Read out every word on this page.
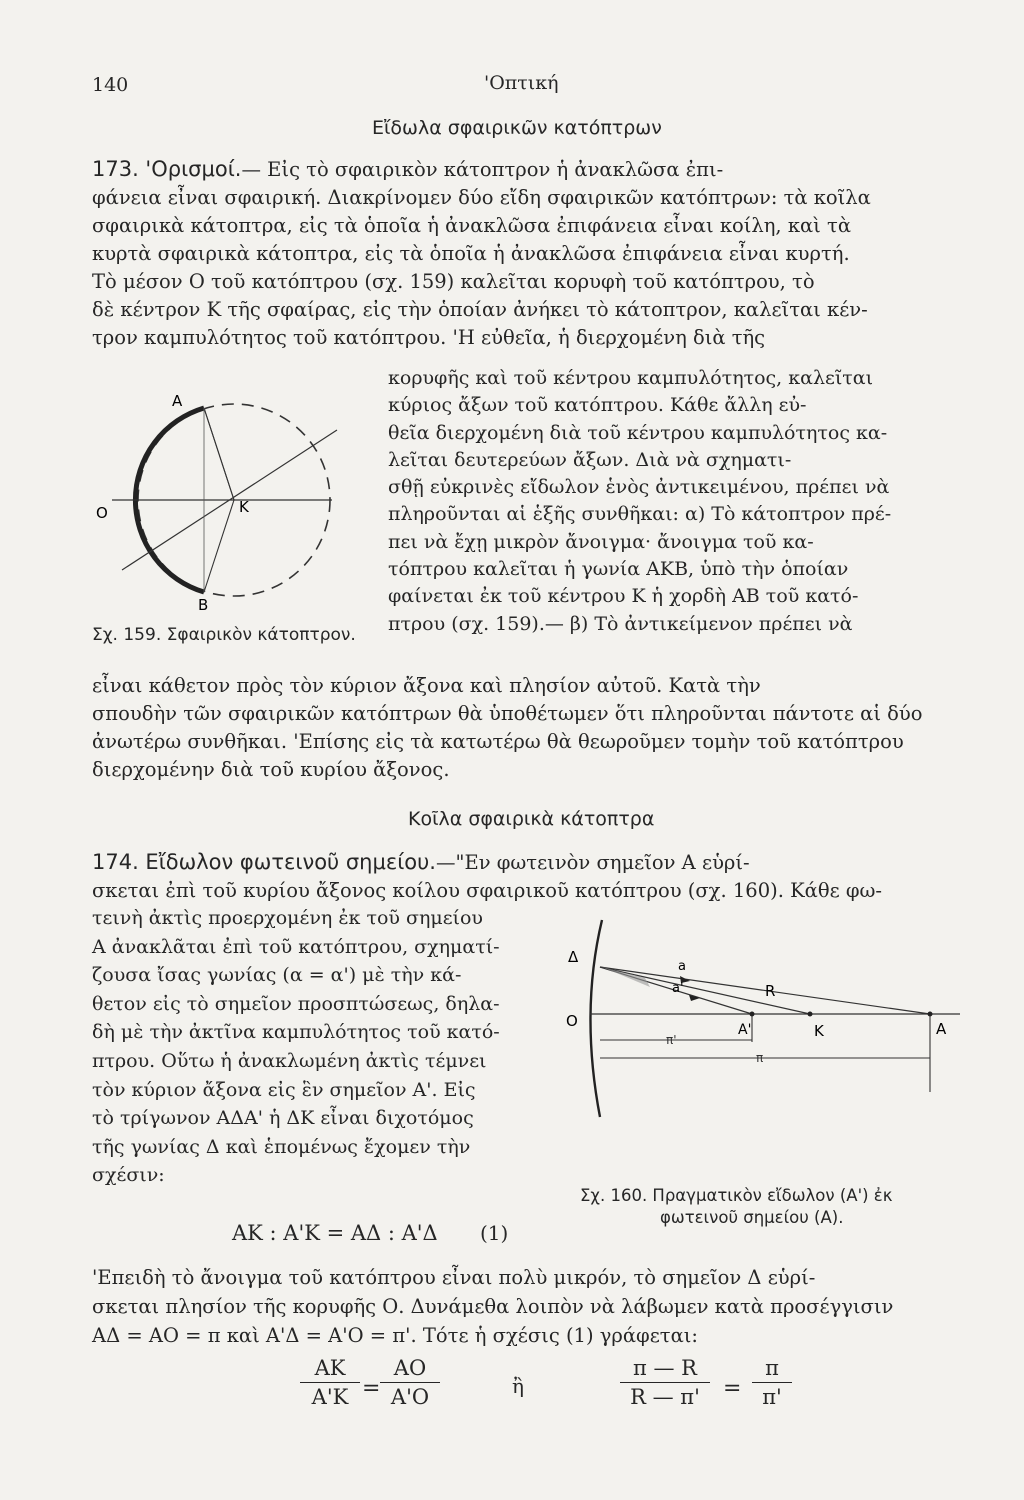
140	'Οπτική
Εἴδωλα σφαιρικῶν κατόπτρων
173. 'Ορισμοί.— Εἰς τὸ σφαιρικὸν κάτοπτρον ἡ ἀνακλῶσα ἐπι-
φάνεια εἶναι σφαιρική. Διακρίνομεν δύο εἴδη σφαιρικῶν κατόπτρων: τὰ κοῖλα
σφαιρικὰ κάτοπτρα, εἰς τὰ ὁποῖα ἡ ἀνακλῶσα ἐπιφάνεια εἶναι κοίλη, καὶ τὰ
κυρτὰ σφαιρικὰ κάτοπτρα, εἰς τὰ ὁποῖα ἡ ἀνακλῶσα ἐπιφάνεια εἶναι κυρτή.
Τὸ μέσον Ο τοῦ κατόπτρου (σχ. 159) καλεῖται κορυφὴ τοῦ κατόπτρου, τὸ
δὲ κέντρον Κ τῆς σφαίρας, εἰς τὴν ὁποίαν ἀνήκει τὸ κάτοπτρον, καλεῖται κέν-
τρον καμπυλότητος τοῦ κατόπτρου. 'Η εὐθεῖα, ἡ διερχομένη διὰ τῆς
A
O	K
B
Σχ. 159. Σφαιρικὸν κάτοπτρον.
κορυφῆς καὶ τοῦ κέντρου καμπυλότητος, καλεῖται
κύριος ἄξων τοῦ κατόπτρου. Κάθε ἄλλη εὐ-
θεῖα διερχομένη διὰ τοῦ κέντρου καμπυλότητος κα-
λεῖται δευτερεύων ἄξων. Διὰ νὰ σχηματι-
σθῇ εὐκρινὲς εἴδωλον ἑνὸς ἀντικειμένου, πρέπει νὰ
πληροῦνται αἱ ἑξῆς συνθῆκαι: α) Τὸ κάτοπτρον πρέ-
πει νὰ ἔχῃ μικρὸν ἄνοιγμα· ἄνοιγμα τοῦ κα-
τόπτρου καλεῖται ἡ γωνία ΑΚΒ, ὑπὸ τὴν ὁποίαν
φαίνεται ἐκ τοῦ κέντρου Κ ἡ χορδὴ ΑΒ τοῦ κατό-
πτρου (σχ. 159).— β) Τὸ ἀντικείμενον πρέπει νὰ
εἶναι κάθετον πρὸς τὸν κύριον ἄξονα καὶ πλησίον αὐτοῦ. Κατὰ τὴν
σπουδὴν τῶν σφαιρικῶν κατόπτρων θὰ ὑποθέτωμεν ὅτι πληροῦνται πάντοτε αἱ δύο
ἀνωτέρω συνθῆκαι. 'Επίσης εἰς τὰ κατωτέρω θὰ θεωροῦμεν τομὴν τοῦ κατόπτρου
διερχομένην διὰ τοῦ κυρίου ἄξονος.
Κοῖλα σφαιρικὰ κάτοπτρα
174. Εἴδωλον φωτεινοῦ σημείου.—"Εν φωτεινὸν σημεῖον Α εὑρί-
σκεται ἐπὶ τοῦ κυρίου ἄξονος κοίλου σφαιρικοῦ κατόπτρου (σχ. 160). Κάθε φω-
τεινὴ ἀκτὶς προερχομένη ἐκ τοῦ σημείου
Α ἀνακλᾶται ἐπὶ τοῦ κατόπτρου, σχηματί-
ζουσα ἴσας γωνίας (α = α') μὲ τὴν κά-
θετον εἰς τὸ σημεῖον προσπτώσεως, δηλα-
δὴ μὲ τὴν ἀκτῖνα καμπυλότητος τοῦ κατό-
πτρου. Οὕτω ἡ ἀνακλωμένη ἀκτὶς τέμνει
τὸν κύριον ἄξονα εἰς ἓν σημεῖον Α'. Εἰς
τὸ τρίγωνον ΑΔΑ' ἡ ΔΚ εἶναι διχοτόμος
τῆς γωνίας Δ καὶ ἑπομένως ἔχομεν τὴν
σχέσιν:
Δ
O	A
A'	K
R
a
a'
π'
π
Σχ. 160. Πραγματικὸν εἴδωλον (Α') ἐκ
φωτεινοῦ σημείου (Α).
ΑΚ : Α'Κ = ΑΔ : Α'Δ (1)
'Επειδὴ τὸ ἄνοιγμα τοῦ κατόπτρου εἶναι πολὺ μικρόν, τὸ σημεῖον Δ εὑρί-
σκεται πλησίον τῆς κορυφῆς Ο. Δυνάμεθα λοιπὸν νὰ λάβωμεν κατὰ προσέγγισιν
ΑΔ = ΑΟ = π καὶ Α'Δ = Α'Ο = π'. Τότε ἡ σχέσις (1) γράφεται:
ΑΚ
Α'Κ =
ΑΟ
Α'Ο	ἢ
π — R
R — π'	=
π
π'
